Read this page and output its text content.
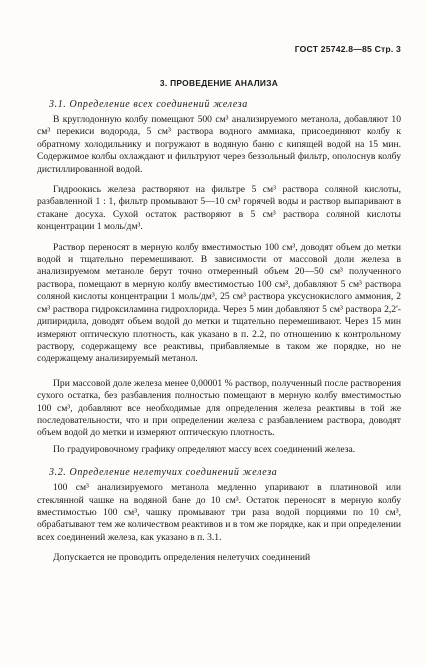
ГОСТ 25742.8—85 Стр. 3
3. ПРОВЕДЕНИЕ АНАЛИЗА
3.1. Определение всех соединений железа

В круглодонную колбу помещают 500 см³ анализируемого метанола, добавляют 10 см³ перекиси водорода, 5 см³ раствора водного аммиака, присоединяют колбу к обратному холодильнику и погружают в водяную баню с кипящей водой на 15 мин. Содержимое колбы охлаждают и фильтруют через беззольный фильтр, ополоснув колбу дистиллированной водой.

Гидроокись железа растворяют на фильтре 5 см³ раствора соляной кислоты, разбавленной 1 : 1, фильтр промывают 5—10 см³ горячей воды и раствор выпаривают в стакане досуха. Сухой остаток растворяют в 5 см³ раствора соляной кислоты концентрации 1 моль/дм³.

Раствор переносят в мерную колбу вместимостью 100 см³, доводят объем до метки водой и тщательно перемешивают. В зависимости от массовой доли железа в анализируемом метаноле берут точно отмеренный объем 20—50 см³ полученного раствора, помещают в мерную колбу вместимостью 100 см³, добавляют 5 см³ раствора соляной кислоты концентрации 1 моль/дм³, 25 см³ раствора уксуснокислого аммония, 2 см³ раствора гидроксиламина гидрохлорида. Через 5 мин добавляют 5 см³ раствора 2,2'-дипиридила, доводят объем водой до метки и тщательно перемешивают. Через 15 мин измеряют оптическую плотность, как указано в п. 2.2, по отношению к контрольному раствору, содержащему все реактивы, прибавляемые в таком же порядке, но не содержащему анализируемый метанол.

При массовой доле железа менее 0,00001 % раствор, полученный после растворения сухого остатка, без разбавления полностью помещают в мерную колбу вместимостью 100 см³, добавляют все необходимые для определения железа реактивы в той же последовательности, что и при определении железа с разбавлением раствора, доводят объем водой до метки и измеряют оптическую плотность.

По градуировочному графику определяют массу всех соединений железа.

3.2. Определение нелетучих соединений железа

100 см³ анализируемого метанола медленно упаривают в платиновой или стеклянной чашке на водяной бане до 10 см³. Остаток переносят в мерную колбу вместимостью 100 см³, чашку промывают три раза водой порциями по 10 см³, обрабатывают тем же количеством реактивов и в том же порядке, как и при определении всех соединений железа, как указано в п. 3.1.

Допускается не проводить определения нелетучих соединений
